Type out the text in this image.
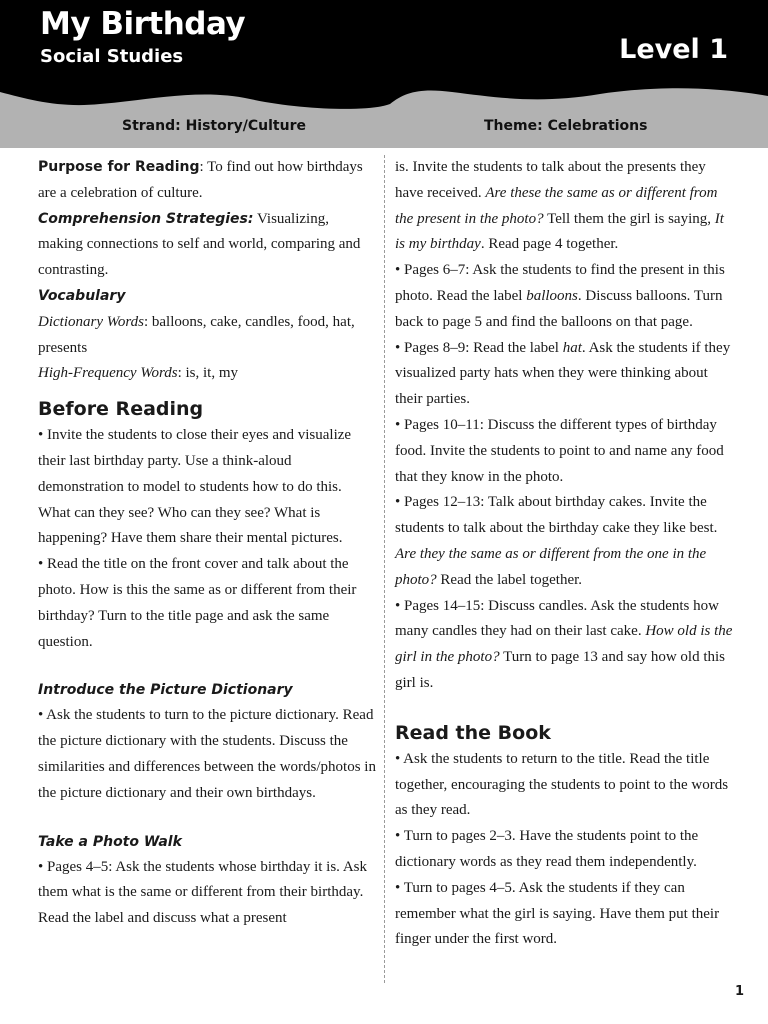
My Birthday
Social Studies	Level 1
Strand: History/Culture	Theme: Celebrations

Purpose for Reading: To find out how birthdays are a celebration of culture.

Comprehension Strategies: Visualizing, making connections to self and world, comparing and contrasting.

Vocabulary

Dictionary Words: balloons, cake, candles, food, hat, presents

High-Frequency Words: is, it, my

Before Reading

• Invite the students to close their eyes and visualize their last birthday party. Use a think-aloud demonstration to model to students how to do this. What can they see? Who can they see? What is happening? Have them share their mental pictures.

• Read the title on the front cover and talk about the photo. How is this the same as or different from their birthday? Turn to the title page and ask the same question.

Introduce the Picture Dictionary

• Ask the students to turn to the picture dictionary. Read the picture dictionary with the students. Discuss the similarities and differences between the words/photos in the picture dictionary and their own birthdays.

Take a Photo Walk

• Pages 4–5: Ask the students whose birthday it is. Ask them what is the same or different from their birthday. Read the label and discuss what a present

is. Invite the students to talk about the presents they have received. Are these the same as or different from the present in the photo? Tell them the girl is saying, It is my birthday. Read page 4 together.

• Pages 6–7: Ask the students to find the present in this photo. Read the label balloons. Discuss balloons. Turn back to page 5 and find the balloons on that page.

• Pages 8–9: Read the label hat. Ask the students if they visualized party hats when they were thinking about their parties.

• Pages 10–11: Discuss the different types of birthday food. Invite the students to point to and name any food that they know in the photo.

• Pages 12–13: Talk about birthday cakes. Invite the students to talk about the birthday cake they like best. Are they the same as or different from the one in the photo? Read the label together.

• Pages 14–15: Discuss candles. Ask the students how many candles they had on their last cake. How old is the girl in the photo? Turn to page 13 and say how old this girl is.

Read the Book

• Ask the students to return to the title. Read the title together, encouraging the students to point to the words as they read.

• Turn to pages 2–3. Have the students point to the dictionary words as they read them independently.

• Turn to pages 4–5. Ask the students if they can remember what the girl is saying. Have them put their finger under the first word.

1
